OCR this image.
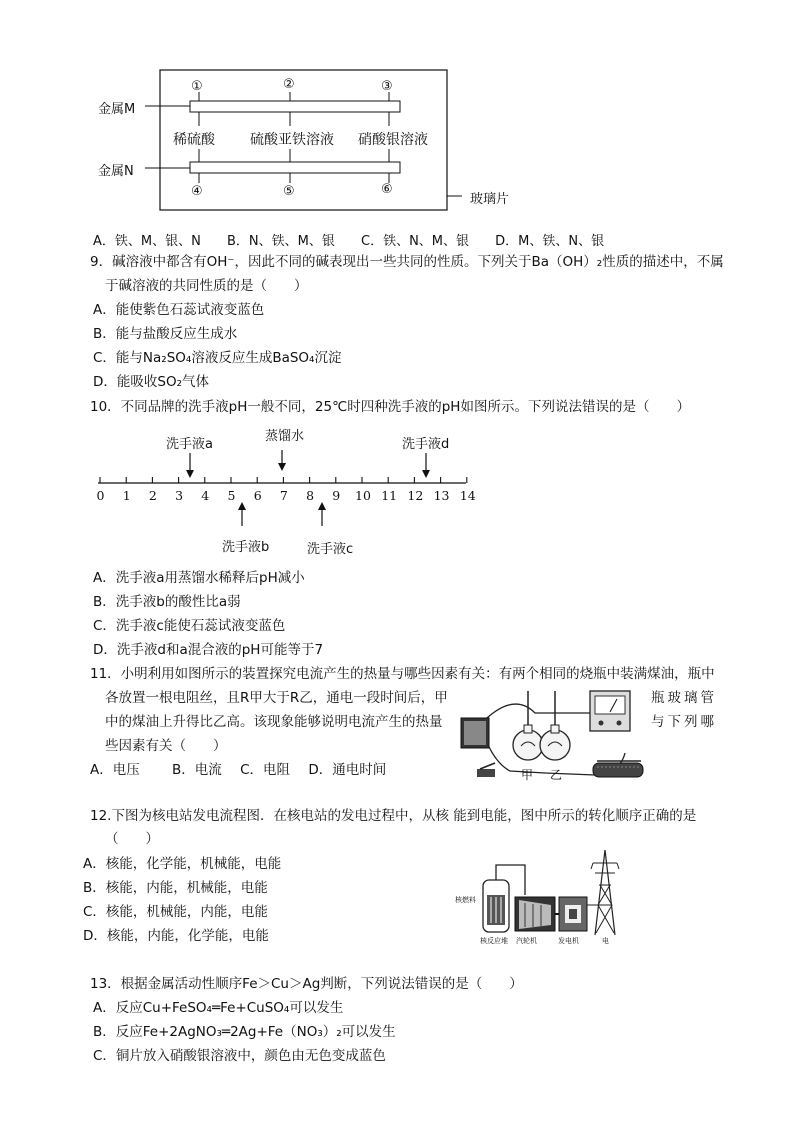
金属M
金属N
①	②	③
稀硫酸	硫酸亚铁溶液 硝酸银溶液
④	⑤	⑥
玻璃片
A．铁、M、银、N B．N、铁、M、银 C．铁、N、M、银 D．M、铁、N、银
9．碱溶液中都含有OH⁻，因此不同的碱表现出一些共同的性质。下列关于Ba（OH）₂性质的描述中，不属
于碱溶液的共同性质的是（　　）
A．能使紫色石蕊试液变蓝色
B．能与盐酸反应生成水
C．能与Na₂SO₄溶液反应生成BaSO₄沉淀
D．能吸收SO₂气体
10．不同品牌的洗手液pH一般不同，25℃时四种洗手液的pH如图所示。下列说法错误的是（　　）
洗手液a
蒸馏水
洗手液d
洗手液b	洗手液c
0 1 2 3 4 5 6 7 8 9 10 11 12 13 14
A．洗手液a用蒸馏水稀释后pH减小
B．洗手液b的酸性比a弱
C．洗手液c能使石蕊试液变蓝色
D．洗手液d和a混合液的pH可能等于7
11．小明利用如图所示的装置探究电流产生的热量与哪些因素有关：有两个相同的烧瓶中装满煤油，瓶中
各放置一根电阻丝，且R甲大于R乙，通电一段时间后，甲	瓶玻璃管
中的煤油上升得比乙高。该现象能够说明电流产生的热量	与下列哪
些因素有关（　　）
A．电压 B．电流 C．电阻 D．通电时间	甲 乙
12.下图为核电站发电流程图．在核电站的发电过程中，从核 能到电能，图中所示的转化顺序正确的是
（　　）
A．核能，化学能，机械能，电能
B．核能，内能，机械能，电能
C．核能，机械能，内能，电能
D．核能，内能，化学能，电能
核燃料
核反应堆 汽轮机	发电机	电
13．根据金属活动性顺序Fe＞Cu＞Ag判断，下列说法错误的是（　　）
A．反应Cu+FeSO₄═Fe+CuSO₄可以发生
B．反应Fe+2AgNO₃═2Ag+Fe（NO₃）₂可以发生
C．铜片放入硝酸银溶液中，颜色由无色变成蓝色
